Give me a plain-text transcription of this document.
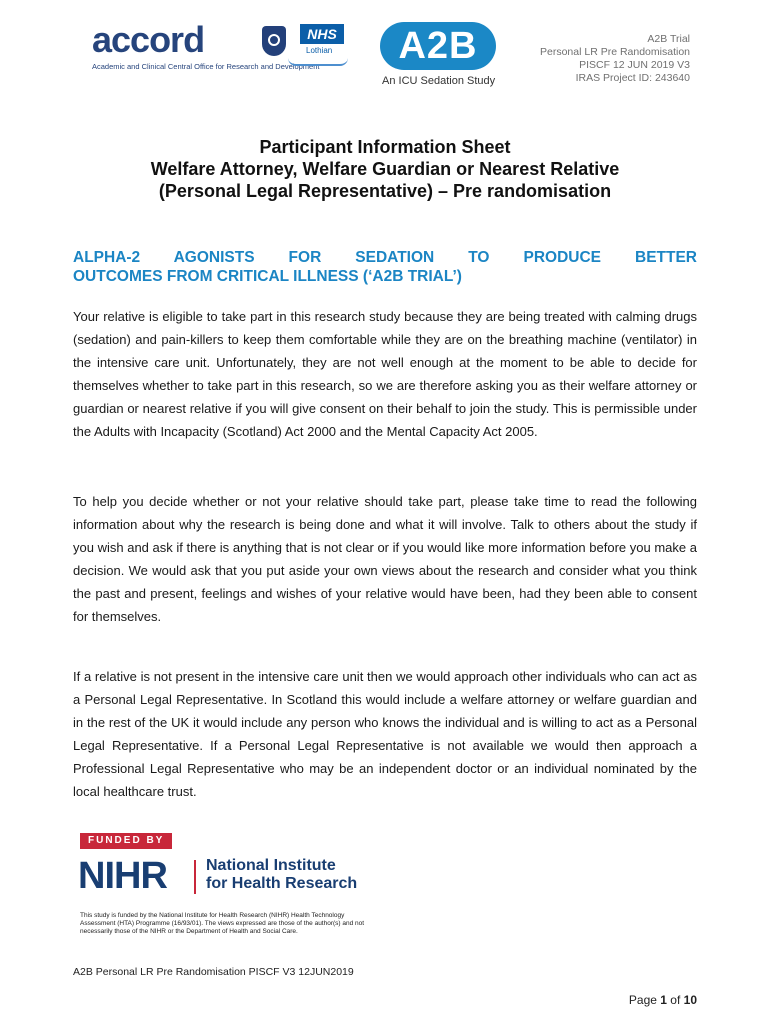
accord
Academic and Clinical Central Office for Research and Development
NHS
Lothian	A2B
An ICU Sedation Study
A2B Trial
Personal LR Pre Randomisation
PISCF 12 JUN 2019 V3
IRAS Project ID: 243640
Participant Information Sheet
Welfare Attorney, Welfare Guardian or Nearest Relative
(Personal Legal Representative) – Pre randomisation
ALPHA-2 AGONISTS FOR SEDATION TO PRODUCE BETTER
OUTCOMES FROM CRITICAL ILLNESS (‘A2B TRIAL’)
Your relative is eligible to take part in this research study because they are being treated with calming drugs (sedation) and pain-killers to keep them comfortable while they are on the breathing machine (ventilator) in the intensive care unit. Unfortunately, they are not well enough at the moment to be able to decide for themselves whether to take part in this research, so we are therefore asking you as their welfare attorney or guardian or nearest relative if you will give consent on their behalf to join the study. This is permissible under the Adults with Incapacity (Scotland) Act 2000 and the Mental Capacity Act 2005.
To help you decide whether or not your relative should take part, please take time to read the following information about why the research is being done and what it will involve. Talk to others about the study if you wish and ask if there is anything that is not clear or if you would like more information before you make a decision. We would ask that you put aside your own views about the research and consider what you think the past and present, feelings and wishes of your relative would have been, had they been able to consent for themselves.
If a relative is not present in the intensive care unit then we would approach other individuals who can act as a Personal Legal Representative. In Scotland this would include a welfare attorney or welfare guardian and in the rest of the UK it would include any person who knows the individual and is willing to act as a Personal Legal Representative. If a Personal Legal Representative is not available we would then approach a Professional Legal Representative who may be an independent doctor or an individual nominated by the local healthcare trust.
FUNDED BY
NIHR National Institute
for Health Research
This study is funded by the National Institute for Health Research (NIHR) Health Technology Assessment (HTA) Programme (16/93/01). The views expressed are those of the author(s) and not necessarily those of the NIHR or the Department of Health and Social Care.
A2B Personal LR Pre Randomisation PISCF V3 12JUN2019
Page 1 of 10
